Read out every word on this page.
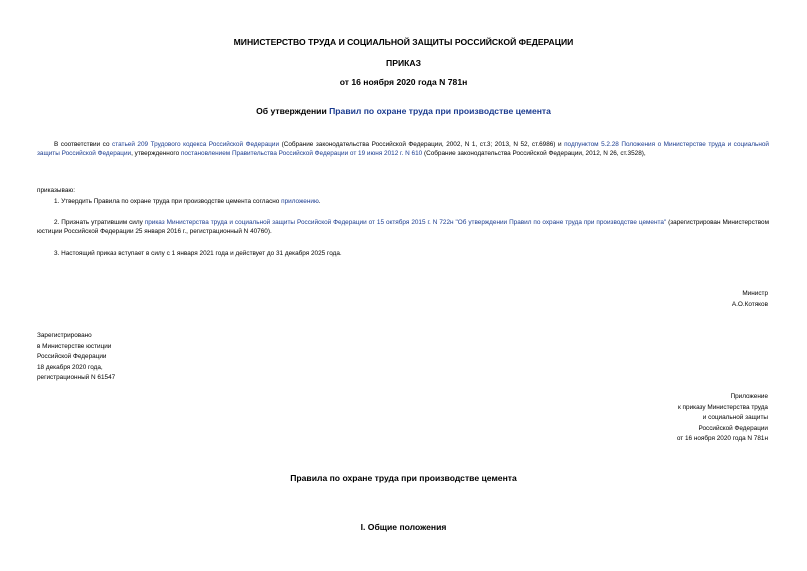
МИНИСТЕРСТВО ТРУДА И СОЦИАЛЬНОЙ ЗАЩИТЫ РОССИЙСКОЙ ФЕДЕРАЦИИ

ПРИКАЗ

от 16 ноября 2020 года N 781н

Об утверждении Правил по охране труда при производстве цемента

В соответствии со статьей 209 Трудового кодекса Российской Федерации (Собрание законодательства Российской Федерации, 2002, N 1, ст.3; 2013, N 52, ст.6986) и подпунктом 5.2.28 Положения о Министерстве труда и социальной защиты Российской Федерации, утвержденного постановлением Правительства Российской Федерации от 19 июня 2012 г. N 610 (Собрание законодательства Российской Федерации, 2012, N 26, ст.3528),

приказываю:

1. Утвердить Правила по охране труда при производстве цемента согласно приложению.

2. Признать утратившим силу приказ Министерства труда и социальной защиты Российской Федерации от 15 октября 2015 г. N 722н "Об утверждении Правил по охране труда при производстве цемента" (зарегистрирован Министерством юстиции Российской Федерации 25 января 2016 г., регистрационный N 40760).

3. Настоящий приказ вступает в силу с 1 января 2021 года и действует до 31 декабря 2025 года.

Министр
А.О.Котяков
Зарегистрировано
в Министерстве юстиции
Российской Федерации
18 декабря 2020 года,
регистрационный N 61547
Приложение
к приказу Министерства труда
и социальной защиты
Российской Федерации
от 16 ноября 2020 года N 781н

Правила по охране труда при производстве цемента

I. Общие положения
